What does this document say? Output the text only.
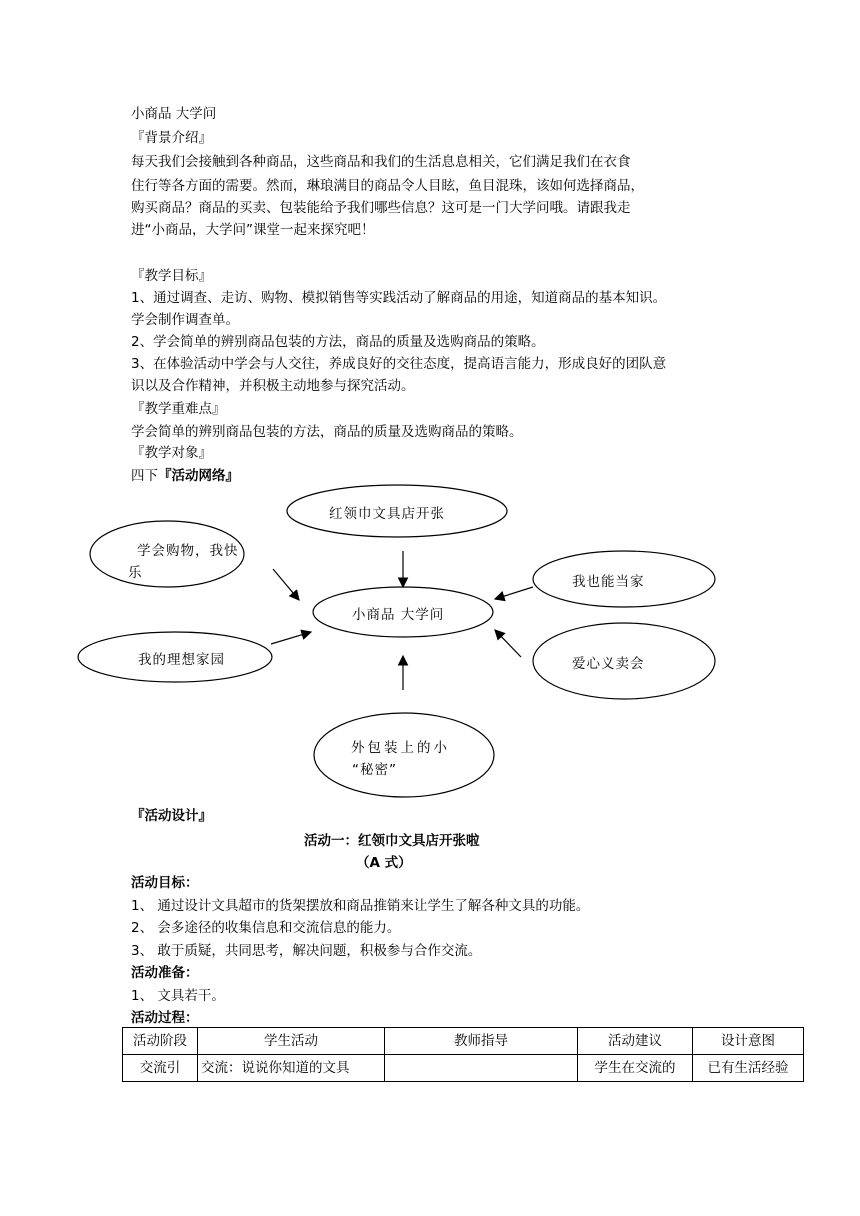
小商品 大学问
『背景介绍』
每天我们会接触到各种商品，这些商品和我们的生活息息相关，它们满足我们在衣食
住行等各方面的需要。然而，琳琅满目的商品令人目眩，鱼目混珠，该如何选择商品，
购买商品？商品的买卖、包装能给予我们哪些信息？这可是一门大学问哦。请跟我走
进“小商品，大学问”课堂一起来探究吧！
『教学目标』
1、通过调查、走访、购物、模拟销售等实践活动了解商品的用途，知道商品的基本知识。
学会制作调查单。
2、学会简单的辨别商品包装的方法，商品的质量及选购商品的策略。
3、在体验活动中学会与人交往，养成良好的交往态度，提高语言能力，形成良好的团队意
识以及合作精神，并积极主动地参与探究活动。
『教学重难点』
学会简单的辨别商品包装的方法，商品的质量及选购商品的策略。
『教学对象』
四下『活动网络』
红领巾文具店开张
学会购物，我快
乐
小商品 大学问
我也能当家
我的理想家园	爱心义卖会
外包装上的小
“秘密”
『活动设计』
活动一：红领巾文具店开张啦
（A 式）
活动目标：
1、 通过设计文具超市的货架摆放和商品推销来让学生了解各种文具的功能。
2、 会多途径的收集信息和交流信息的能力。
3、 敢于质疑，共同思考，解决问题，积极参与合作交流。
活动准备：
1、 文具若干。
活动过程：
活动阶段	学生活动	教师指导	活动建议	设计意图
交流引	交流：说说你知道的文具		学生在交流的	已有生活经验
